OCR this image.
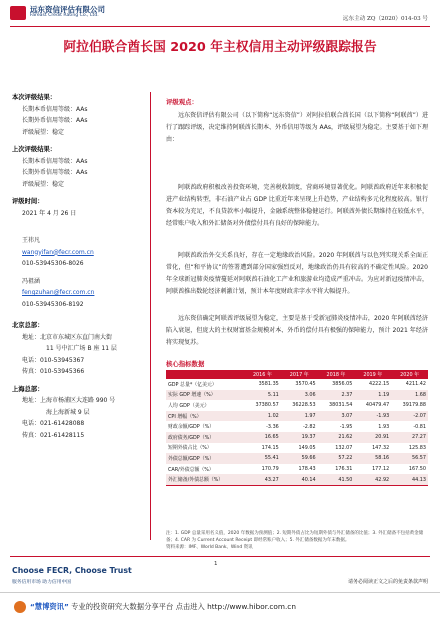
远东资信评估有限公司
Fareast Credit Rating Co., Ltd.
远东主动 ZQ（2020）014-03 号
阿拉伯联合酋长国 2020 年主权信用主动评级跟踪报告
本次评级结果：
长期本币信用等级：AAs
长期外币信用等级：AAs
评级展望：稳定
上次评级结果：
长期本币信用等级：AAs
长期外币信用等级：AAs
评级展望：稳定
评级时间：
2021 年 4 月 26 日
王祎凡
wangyifan@fecr.com.cn
010-53945306-8026
冯祖涵
fengzuhan@fecr.com.cn
010-53945306-8192
北京总部：
地址：北京市东城区东直门南大街
11 号中汇广场 B 座 11 层
电话：010-53945367
传真：010-53945366
上海总部：
地址：上海市杨浦区大连路 990 号
海上海新城 9 层
电话：021-61428088
传真：021-61428115
评级观点：

远东资信评估有限公司（以下简称“远东资信”）对阿拉伯联合酋长国（以下简称“阿联酋”）进行了跟踪评级，决定维持阿联酋长期本、外币信用等级为 AAs，评级展望为稳定。主要基于如下理由：

阿联酋政府积极改善投资环境，完善税收制度，营商环境显著优化。阿联酋政府近年来积极促进产业结构转型，非石油产业占 GDP 比重近年来呈现上升趋势，产业结构多元化程度较高。银行资本较为充足，不良贷款率小幅提升，金融系统整体稳健运行。阿联酋外债长期维持在较低水平，经常账户收入和外汇储备对外债偿付具有良好的保障能力。

阿联酋政治外交关系良好，存在一定地缘政治风险。2020 年阿联酋与以色列实现关系全面正常化，但“和平协议”的签署遭到部分国家强烈反对，地缘政治仍具有较高的不确定性风险。2020 年全球新冠肺炎疫情蔓延对阿联酋石油化工产业和旅游业均造成严重冲击。为应对新冠疫情冲击，阿联酋推出数轮经济刺激计划，预计本年度财政赤字水平将大幅提升。

远东资信确定阿联酋评级展望为稳定，主要是基于受新冠肺炎疫情冲击，2020 年阿联酋经济陷入衰退，但庞大的主权财富基金规模对本、外币的偿付具有极强的保障能力，预计 2021 年经济将实现复苏。

核心指标数据
	2016 年	2017 年	2018 年	2019 年	2020 年
GDP 总量*（亿美元）	3581.35	3570.45	3856.05	4222.15	4211.42
实际 GDP 增速（%）	5.11	3.06	2.37	1.19	1.68
人均 GDP（美元）	37380.57	36228.53	38031.54	40479.47	39179.88
CPI 增幅（%）	1.02	1.97	3.07	-1.93	-2.07
财政余额/GDP（%）	-3.36	-2.82	-1.95	1.93	-0.81
政府债务/GDP（%）	16.65	19.37	21.62	20.91	27.27
短期外债占比（%）	174.15	149.05	132.07	147.32	125.83
外债总额/GDP（%）	55.41	59.66	57.22	58.16	56.57
CAR/外债总额（%）	170.79	178.43	176.31	177.12	167.50
外汇储备/外债总额（%）	43.27	40.14	41.50	42.92	44.13
注：1. GDP 总量采用名义值，2020 年数据为预测值；2. 短期外债占比为短期外债与外汇储备的比值；3. 外汇储备不包括黄金储备；4. CAR 为 Current Account Receipt 即经常账户收入；5. 外汇储备数据为年末数据。
资料来源：IMF、World Bank、Wind 资讯
1
Choose FECR, Choose Trust
服务信用市场 助力信用中国	请务必阅读正文之后的免责条款声明
“慧博资讯” 专业的投资研究大数据分享平台 点击进入 http://www.hibor.com.cn
